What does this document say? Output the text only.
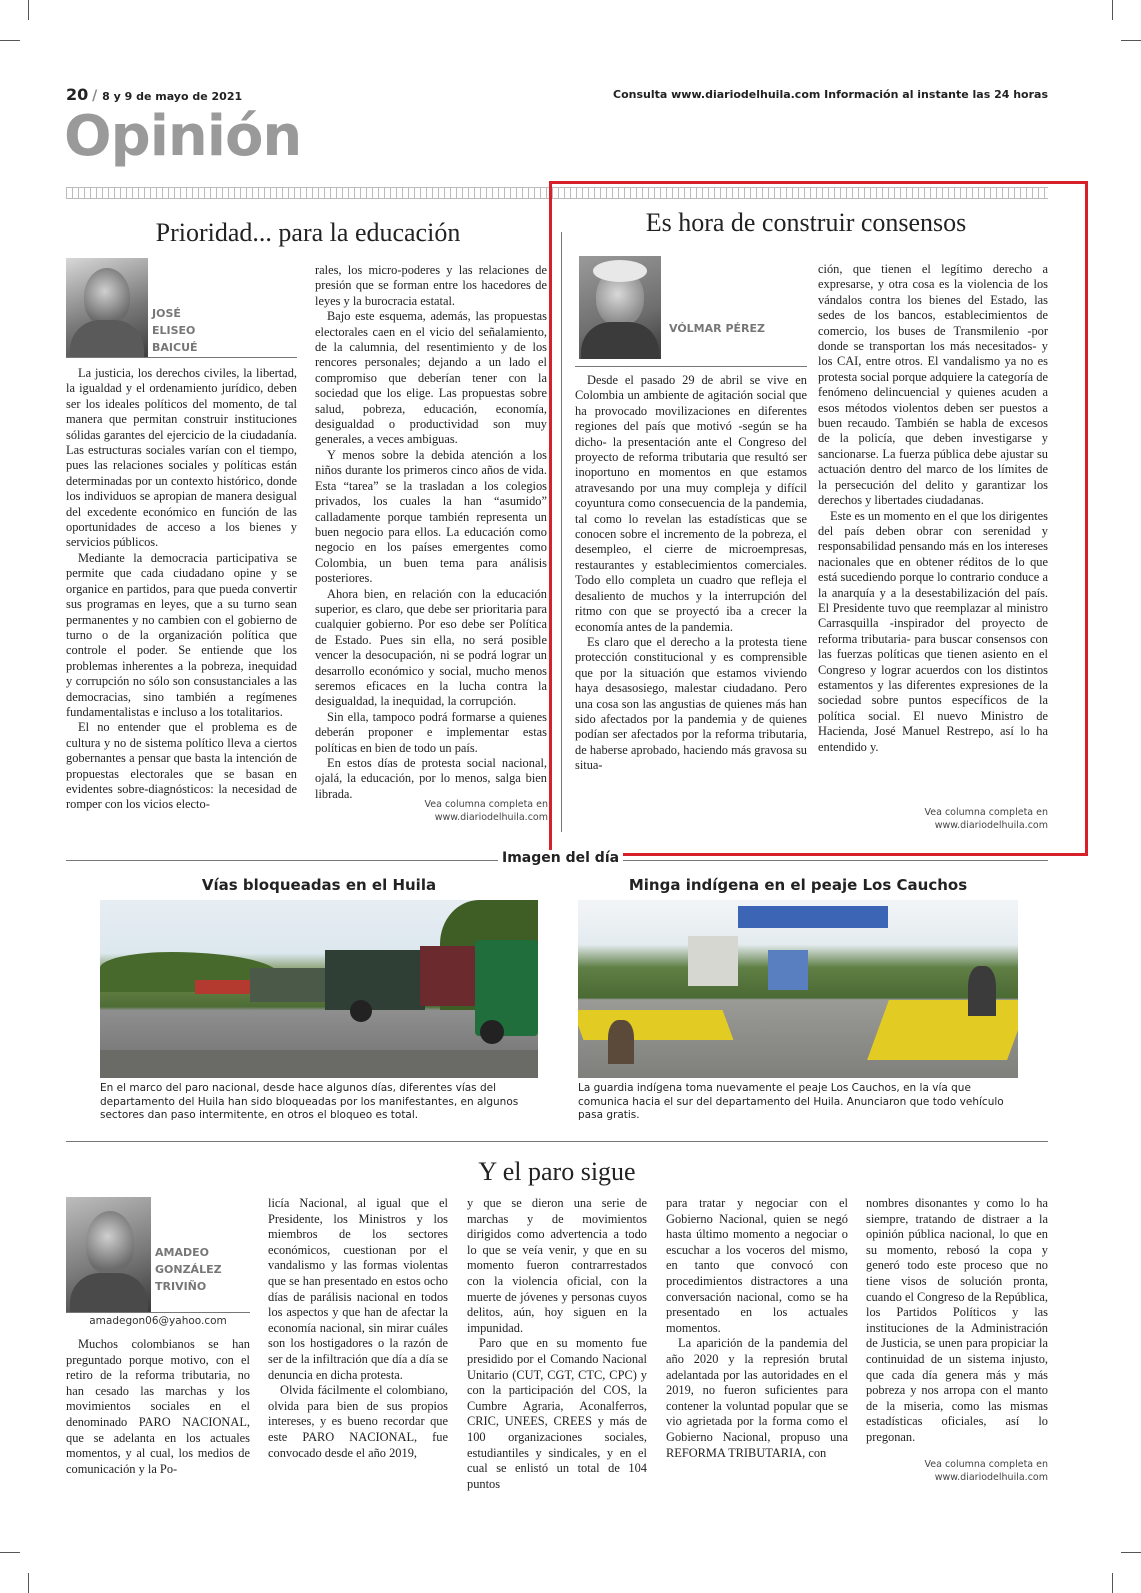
20 / 8 y 9 de mayo de 2021	Consulta www.diariodelhuila.com Información al instante las 24 horas
Opinión
Prioridad... para la educación
JOSÉ
ELISEO
BAICUÉ

La justicia, los derechos civiles, la libertad, la igualdad y el ordenamiento jurídico, deben ser los ideales políticos del momento, de tal manera que permitan construir instituciones sólidas garantes del ejercicio de la ciudadanía. Las estructuras sociales varían con el tiempo, pues las relaciones sociales y políticas están determinadas por un contexto histórico, donde los individuos se apropian de manera desigual del excedente económico en función de las oportunidades de acceso a los bienes y servicios públicos.

Mediante la democracia participativa se permite que cada ciudadano opine y se organice en partidos, para que pueda convertir sus programas en leyes, que a su turno sean permanentes y no cambien con el gobierno de turno o de la organización política que controle el poder. Se entiende que los problemas inherentes a la pobreza, inequidad y corrupción no sólo son consustanciales a las democracias, sino también a regímenes fundamentalistas e incluso a los totalitarios.

El no entender que el problema es de cultura y no de sistema político lleva a ciertos gobernantes a pensar que basta la intención de propuestas electorales que se basan en evidentes sobre-diagnósticos: la necesidad de romper con los vicios electo-

rales, los micro-poderes y las relaciones de presión que se forman entre los hacedores de leyes y la burocracia estatal.

Bajo este esquema, además, las propuestas electorales caen en el vicio del señalamiento, de la calumnia, del resentimiento y de los rencores personales; dejando a un lado el compromiso que deberían tener con la sociedad que los elige. Las propuestas sobre salud, pobreza, educación, economía, desigualdad o productividad son muy generales, a veces ambiguas.

Y menos sobre la debida atención a los niños durante los primeros cinco años de vida. Esta “tarea” se la trasladan a los colegios privados, los cuales la han “asumido” calladamente porque también representa un buen negocio para ellos. La educación como negocio en los países emergentes como Colombia, un buen tema para análisis posteriores.

Ahora bien, en relación con la educación superior, es claro, que debe ser prioritaria para cualquier gobierno. Por eso debe ser Política de Estado. Pues sin ella, no será posible vencer la desocupación, ni se podrá lograr un desarrollo económico y social, mucho menos seremos eficaces en la lucha contra la desigualdad, la inequidad, la corrupción.

Sin ella, tampoco podrá formarse a quienes deberán proponer e implementar estas políticas en bien de todo un país.

En estos días de protesta social nacional, ojalá, la educación, por lo menos, salga bien librada.

Vea columna completa en
www.diariodelhuila.com
Es hora de construir consensos
VÓLMAR PÉREZ

Desde el pasado 29 de abril se vive en Colombia un ambiente de agitación social que ha provocado movilizaciones en diferentes regiones del país que motivó -según se ha dicho- la presentación ante el Congreso del proyecto de reforma tributaria que resultó ser inoportuno en momentos en que estamos atravesando por una muy compleja y difícil coyuntura como consecuencia de la pandemia, tal como lo revelan las estadísticas que se conocen sobre el incremento de la pobreza, el desempleo, el cierre de microempresas, restaurantes y establecimientos comerciales. Todo ello completa un cuadro que refleja el desaliento de muchos y la interrupción del ritmo con que se proyectó iba a crecer la economía antes de la pandemia.

Es claro que el derecho a la protesta tiene protección constitucional y es comprensible que por la situación que estamos viviendo haya desasosiego, malestar ciudadano. Pero una cosa son las angustias de quienes más han sido afectados por la pandemia y de quienes podían ser afectados por la reforma tributaria, de haberse aprobado, haciendo más gravosa su situa-

ción, que tienen el legítimo derecho a expresarse, y otra cosa es la violencia de los vándalos contra los bienes del Estado, las sedes de los bancos, establecimientos de comercio, los buses de Transmilenio -por donde se transportan los más necesitados- y los CAI, entre otros. El vandalismo ya no es protesta social porque adquiere la categoría de fenómeno delincuencial y quienes acuden a esos métodos violentos deben ser puestos a buen recaudo. También se habla de excesos de la policía, que deben investigarse y sancionarse. La fuerza pública debe ajustar su actuación dentro del marco de los límites de la persecución del delito y garantizar los derechos y libertades ciudadanas.

Este es un momento en el que los dirigentes del país deben obrar con serenidad y responsabilidad pensando más en los intereses nacionales que en obtener réditos de lo que está sucediendo porque lo contrario conduce a la anarquía y a la desestabilización del país. El Presidente tuvo que reemplazar al ministro Carrasquilla -inspirador del proyecto de reforma tributaria- para buscar consensos con las fuerzas políticas que tienen asiento en el Congreso y lograr acuerdos con los distintos estamentos y las diferentes expresiones de la sociedad sobre puntos específicos de la política social. El nuevo Ministro de Hacienda, José Manuel Restrepo, así lo ha entendido y.

Vea columna completa en
www.diariodelhuila.com
Imagen del día
Vías bloqueadas en el Huila
En el marco del paro nacional, desde hace algunos días, diferentes vías del departamento del Huila han sido bloqueadas por los manifestantes, en algunos sectores dan paso intermitente, en otros el bloqueo es total.
Minga indígena en el peaje Los Cauchos
La guardia indígena toma nuevamente el peaje Los Cauchos, en la vía que comunica hacia el sur del departamento del Huila. Anunciaron que todo vehículo pasa gratis.
Y el paro sigue
AMADEO
GONZÁLEZ
TRIVIÑO
amadegon06@yahoo.com

Muchos colombianos se han preguntado porque motivo, con el retiro de la reforma tributaria, no han cesado las marchas y los movimientos sociales en el denominado PARO NACIONAL, que se adelanta en los actuales momentos, y al cual, los medios de comunicación y la Po-

licía Nacional, al igual que el Presidente, los Ministros y los miembros de los sectores económicos, cuestionan por el vandalismo y las formas violentas que se han presentado en estos ocho días de parálisis nacional en todos los aspectos y que han de afectar la economía nacional, sin mirar cuáles son los hostigadores o la razón de ser de la infiltración que día a día se denuncia en dicha protesta.

Olvida fácilmente el colombiano, olvida para bien de sus propios intereses, y es bueno recordar que este PARO NACIONAL, fue convocado desde el año 2019,

y que se dieron una serie de marchas y de movimientos dirigidos como advertencia a todo lo que se veía venir, y que en su momento fueron contrarrestados con la violencia oficial, con la muerte de jóvenes y personas cuyos delitos, aún, hoy siguen en la impunidad.

Paro que en su momento fue presidido por el Comando Nacional Unitario (CUT, CGT, CTC, CPC) y con la participación del COS, la Cumbre Agraria, Aconalferros, CRIC, UNEES, CREES y más de 100 organizaciones sociales, estudiantiles y sindicales, y en el cual se enlistó un total de 104 puntos

para tratar y negociar con el Gobierno Nacional, quien se negó hasta último momento a negociar o escuchar a los voceros del mismo, en tanto que convocó con procedimientos distractores a una conversación nacional, como se ha presentado en los actuales momentos.

La aparición de la pandemia del año 2020 y la represión brutal adelantada por las autoridades en el 2019, no fueron suficientes para contener la voluntad popular que se vio agrietada por la forma como el Gobierno Nacional, propuso una REFORMA TRIBUTARIA, con

nombres disonantes y como lo ha siempre, tratando de distraer a la opinión pública nacional, lo que en su momento, rebosó la copa y generó todo este proceso que no tiene visos de solución pronta, cuando el Congreso de la República, los Partidos Políticos y las instituciones de la Administración de Justicia, se unen para propiciar la continuidad de un sistema injusto, que cada día genera más y más pobreza y nos arropa con el manto de la miseria, como las mismas estadísticas oficiales, así lo pregonan.

Vea columna completa en
www.diariodelhuila.com
